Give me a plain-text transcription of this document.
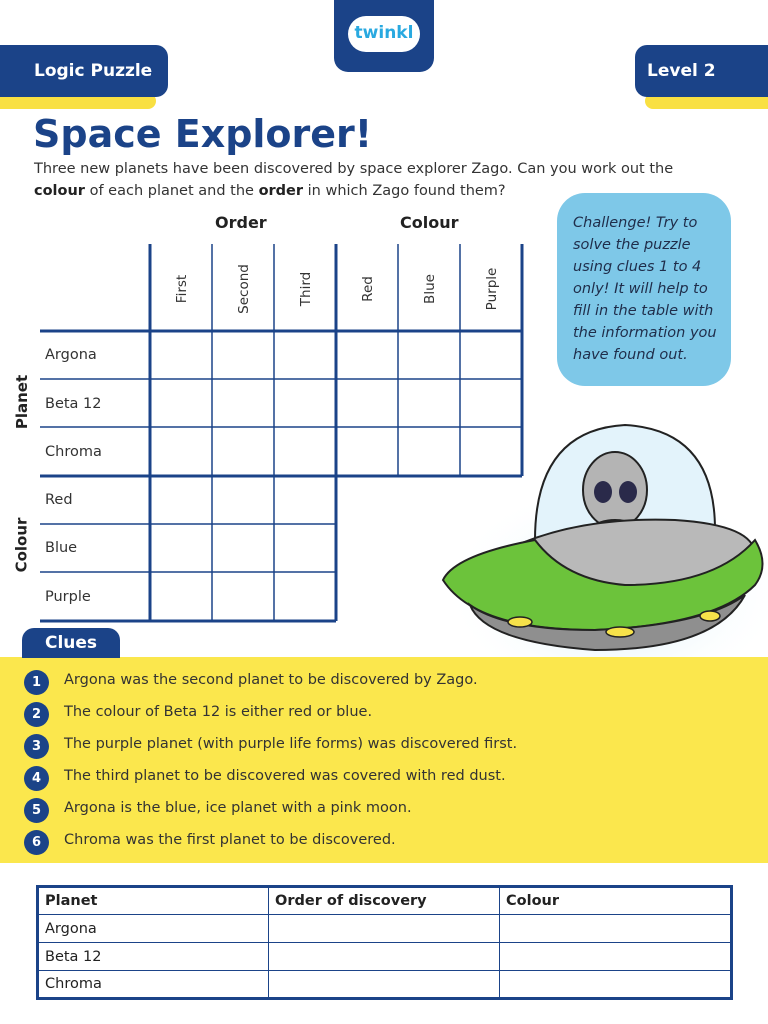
Logic Puzzle
twinkl
Level 2
Space Explorer!
Three new planets have been discovered by space explorer Zago. Can you work out the colour of each planet and the order in which Zago found them?
Order	Colour
First	Second	Third	Red	Blue	Purple
Argona
Beta 12
Chroma
Red
Blue
Purple
Planet
Colour
Challenge! Try to solve the puzzle using clues 1 to 4 only! It will help to fill in the table with the information you have found out.
Clues
1	Argona was the second planet to be discovered by Zago.
2	The colour of Beta 12 is either red or blue.
3	The purple planet (with purple life forms) was discovered first.
4	The third planet to be discovered was covered with red dust.
5	Argona is the blue, ice planet with a pink moon.
6	Chroma was the first planet to be discovered.
Planet	Order of discovery	Colour
Argona		
Beta 12		
Chroma		
